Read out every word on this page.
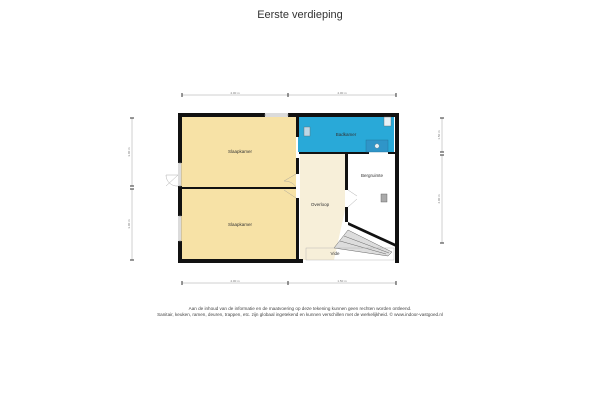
Eerste verdieping
4.00 m	4.00 m
4.00 m	1.50 m
3.00 m
3.00 m
1.50 m
4.00 m
Slaapkamer
Slaapkamer
Badkamer
Bergruimte
Overloop
Vide
Aan de inhoud van de informatie en de maatvoering op deze tekening kunnen geen rechten worden ontleend.
Sanitair, keuken, ramen, deuren, trappen, etc. zijn globaal ingetekend en kunnen verschillen met de werkelijkheid. © www.indoor-vastgoed.nl
